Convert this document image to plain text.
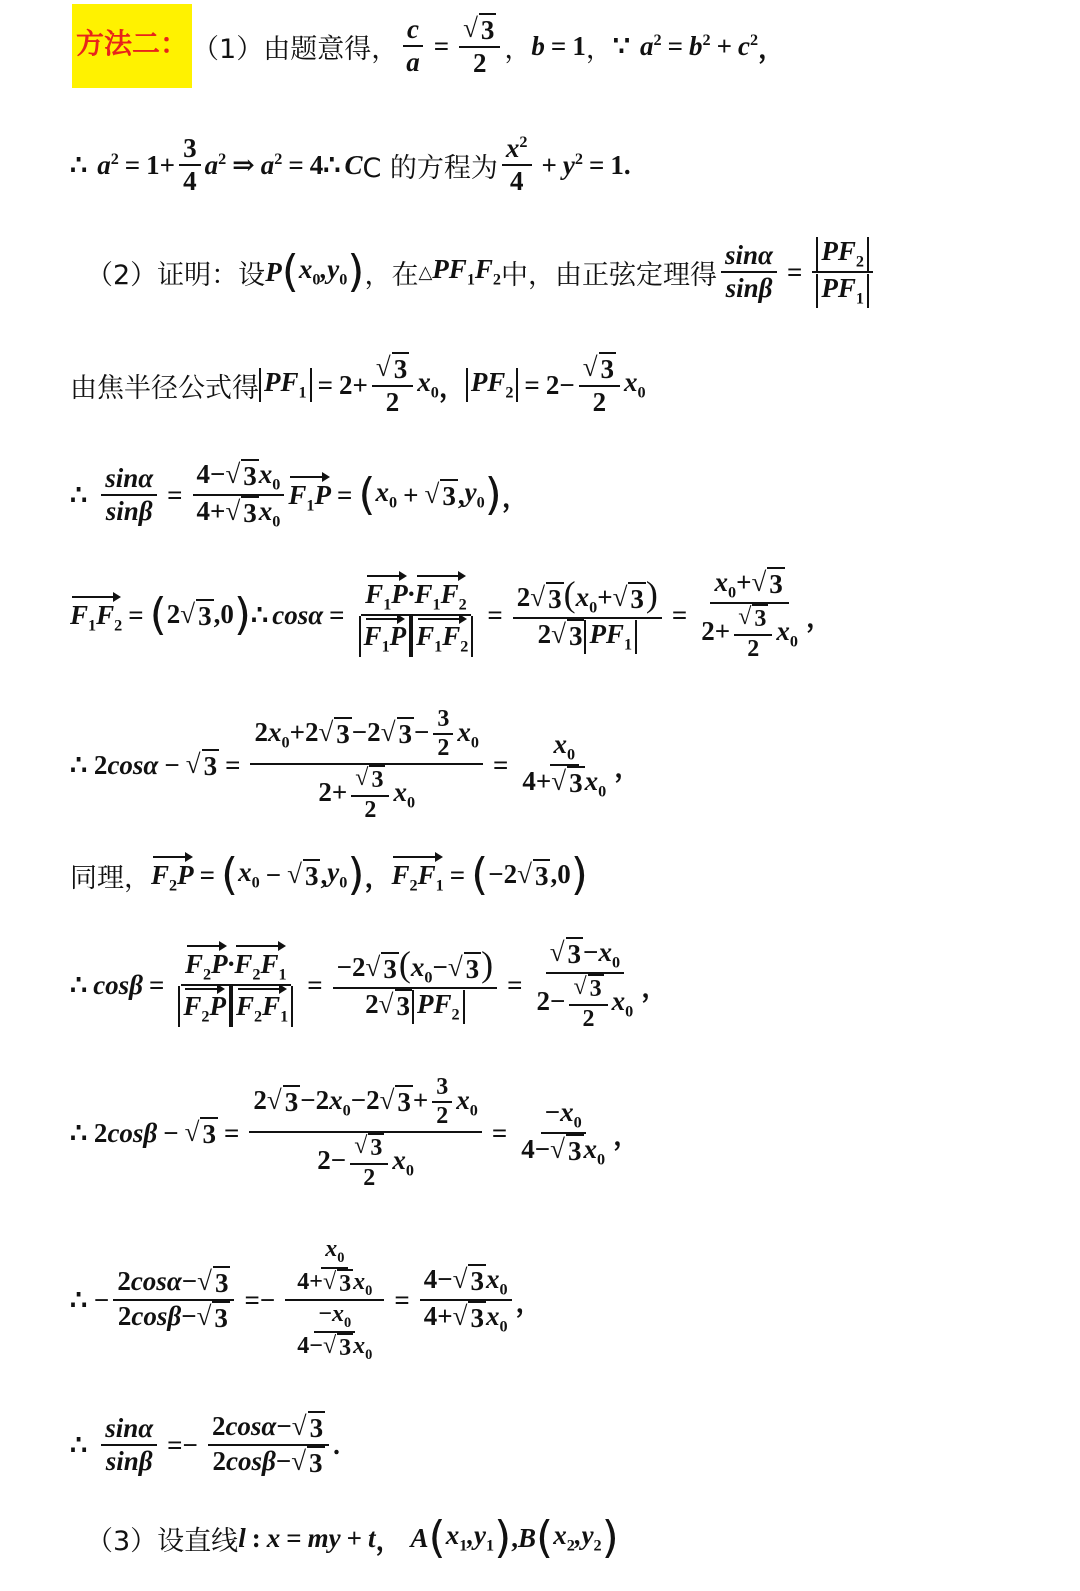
方法二： （1）由题意得， $\frac{c}{a} = \frac{√ 3}{2}$ ， b = 1 ， ∵ $a^2 = b^2 + c^2$ ，
∴ $a^2 = 1+ \frac{3}{4} a^2$ ⇒ $a^2 = 4$ ∴ C C 的方程为 $\frac{x^2}{4} + y^2 = 1$.
（2）证明：设 P ( $x_0,y_0$ ) ，在 △ $PF_1F_2$ 中，由正弦定理得 $\frac{\sin\alpha}{\sin\beta} = \frac{PF_2}{PF_1}$
由焦半径公式得 $PF_1 = 2+ \frac{√ 3}{2} x_0$ ， $PF_2 = 2- \frac{√ 3}{2} x_0$
∴ $\frac{\sin\alpha}{\sin\beta} = \frac{4- √ 3 x_0}{4+ √ 3 x_0} F_1P$ = ( $x_0$ + √ 3 , $y_0$ ) ，
$F_1F_2$ = ( 2 √ 3 ,0 ) ∴ $\cos\alpha = \frac{F_1P\cdot F_1F_2}{F_1P F_1F_2} = \frac{2 √ 3 (x_0+ √ 3 )}{2 √ 3 PF_1} = \frac{x_0+ √ 3}{2+ \frac{√ 3}{2} x_0}$ ，
∴ 2 cosα − √ $3 = \frac{2x_0+2 √ 3 -2 √ 3 - \frac{3}{2} x_0}{2+ \frac{√ 3}{2} x_0} = \frac{x_0}{4+ √ 3 x_0}$ ，
同理， $F_2P$ = ( $x_0$ − √ 3 , $y_0$ ) ， $F_2F_1$ = ( −2 √ 3 ,0 )
∴ $\cos\beta = \frac{F_2P\cdot F_2F_1}{F_2P F_2F_1} = \frac{-2 √ 3 (x_0- √ 3 )}{2 √ 3 PF_2} = \frac{√ 3 -x_0}{2- \frac{√ 3}{2} x_0}$ ，
∴ 2 cosβ − √ $3 = \frac{2 √ 3 -2x_0-2 √ 3 + \frac{3}{2} x_0}{2- \frac{√ 3}{2} x_0} = \frac{-x_0}{4- √ 3 x_0}$ ，
∴ − $\frac{2\cos\alpha- √ 3}{2\cos\beta- √ 3} =- \frac{\frac{x_0}{4+ √ 3 x_0}}{\frac{-x_0}{4- √ 3 x_0}} = \frac{4- √ 3 x_0}{4+ √ 3 x_0}$ ，
∴ $\frac{\sin\alpha}{\sin\beta} =- \frac{2\cos\alpha- √ 3}{2\cos\beta- √ 3}$ .
（3）设直线 l : x = my + t ， A ( $x_1,y_1$ ) , B ( $x_2,y_2$ )
